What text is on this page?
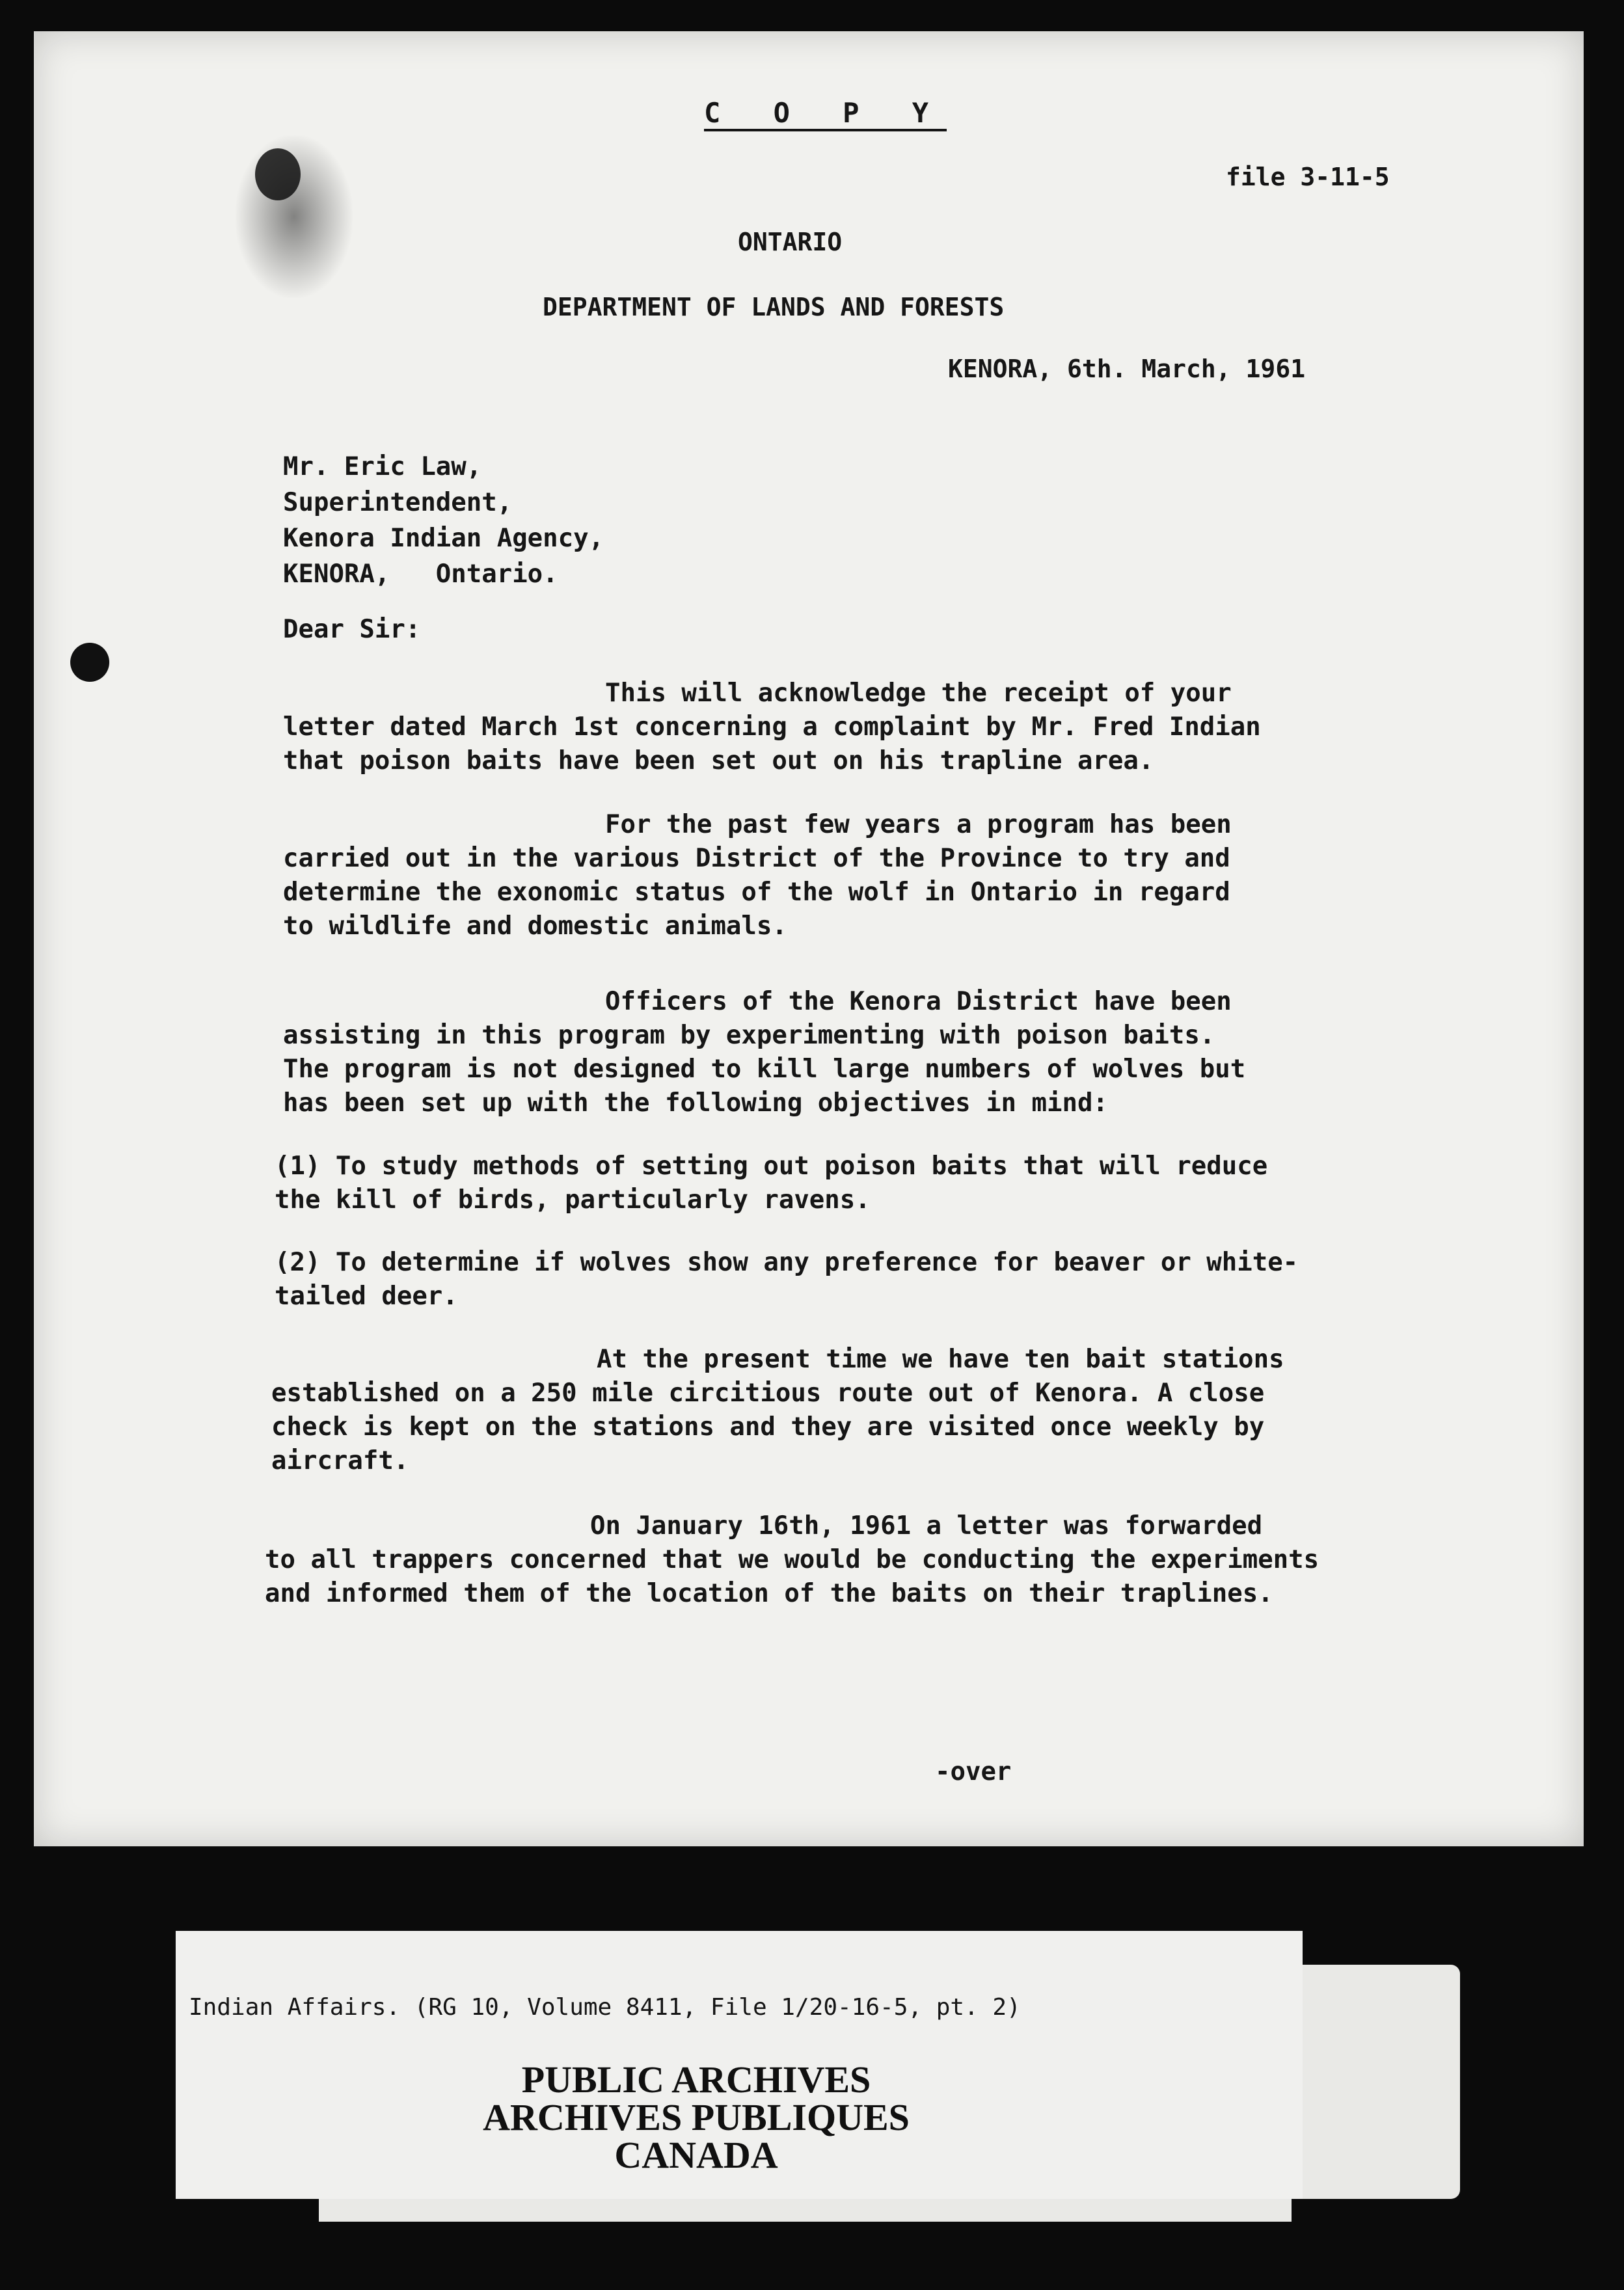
C O P Y
file 3-11-5
ONTARIO
DEPARTMENT OF LANDS AND FORESTS
KENORA, 6th. March, 1961
Mr. Eric Law,
Superintendent,
Kenora Indian Agency,
KENORA,   Ontario.
Dear Sir:
This will acknowledge the receipt of your
letter dated March 1st concerning a complaint by Mr. Fred Indian
that poison baits have been set out on his trapline area.
For the past few years a program has been
carried out in the various District of the Province to try and
determine the exonomic status of the wolf in Ontario in regard
to wildlife and domestic animals.
Officers of the Kenora District have been
assisting in this program by experimenting with poison baits.
The program is not designed to kill large numbers of wolves but
has been set up with the following objectives in mind:
(1) To study methods of setting out poison baits that will reduce
the kill of birds, particularly ravens.
(2) To determine if wolves show any preference for beaver or white-
tailed deer.
At the present time we have ten bait stations
established on a 250 mile circitious route out of Kenora. A close
check is kept on the stations and they are visited once weekly by
aircraft.
On January 16th, 1961 a letter was forwarded
to all trappers concerned that we would be conducting the experiments
and informed them of the location of the baits on their traplines.
-over
Indian Affairs. (RG 10, Volume 8411, File 1/20-16-5, pt. 2)
PUBLIC ARCHIVES
ARCHIVES PUBLIQUES
CANADA
